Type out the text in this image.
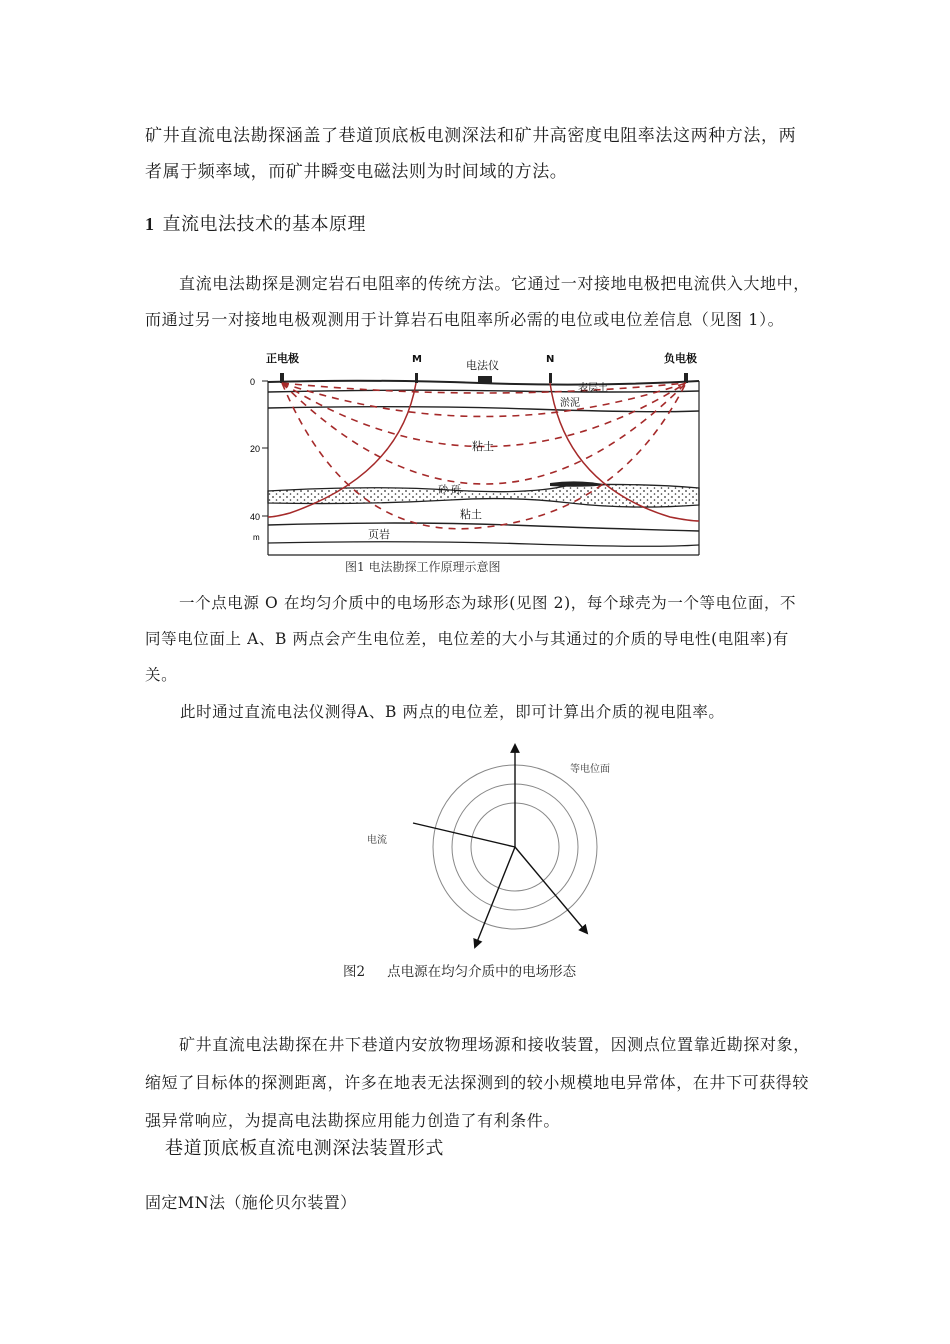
矿井直流电法勘探涵盖了巷道顶底板电测深法和矿井高密度电阻率法这两种方法，两者属于频率域，而矿井瞬变电磁法则为时间域的方法。
1 直流电法技术的基本原理
直流电法勘探是测定岩石电阻率的传统方法。它通过一对接地电极把电流供入大地中，而通过另一对接地电极观测用于计算岩石电阻率所必需的电位或电位差信息（见图 1）。
0
20
40
m
正电极	M	电法仪	N	负电极
表层土
淤泥
粘土
砂 砾
粘土
页岩
图1 电法勘探工作原理示意图
一个点电源 O 在均匀介质中的电场形态为球形(见图 2)，每个球壳为一个等电位面，不同等电位面上 A、B 两点会产生电位差，电位差的大小与其通过的介质的导电性(电阻率)有关。
此时通过直流电法仪测得A、B 两点的电位差，即可计算出介质的视电阻率。
等电位面
电流
图2 点电源在均匀介质中的电场形态
矿井直流电法勘探在井下巷道内安放物理场源和接收装置，因测点位置靠近勘探对象，缩短了目标体的探测距离，许多在地表无法探测到的较小规模地电异常体，在井下可获得较强异常响应，为提高电法勘探应用能力创造了有利条件。
巷道顶底板直流电测深法装置形式
固定MN法（施伦贝尔装置）
